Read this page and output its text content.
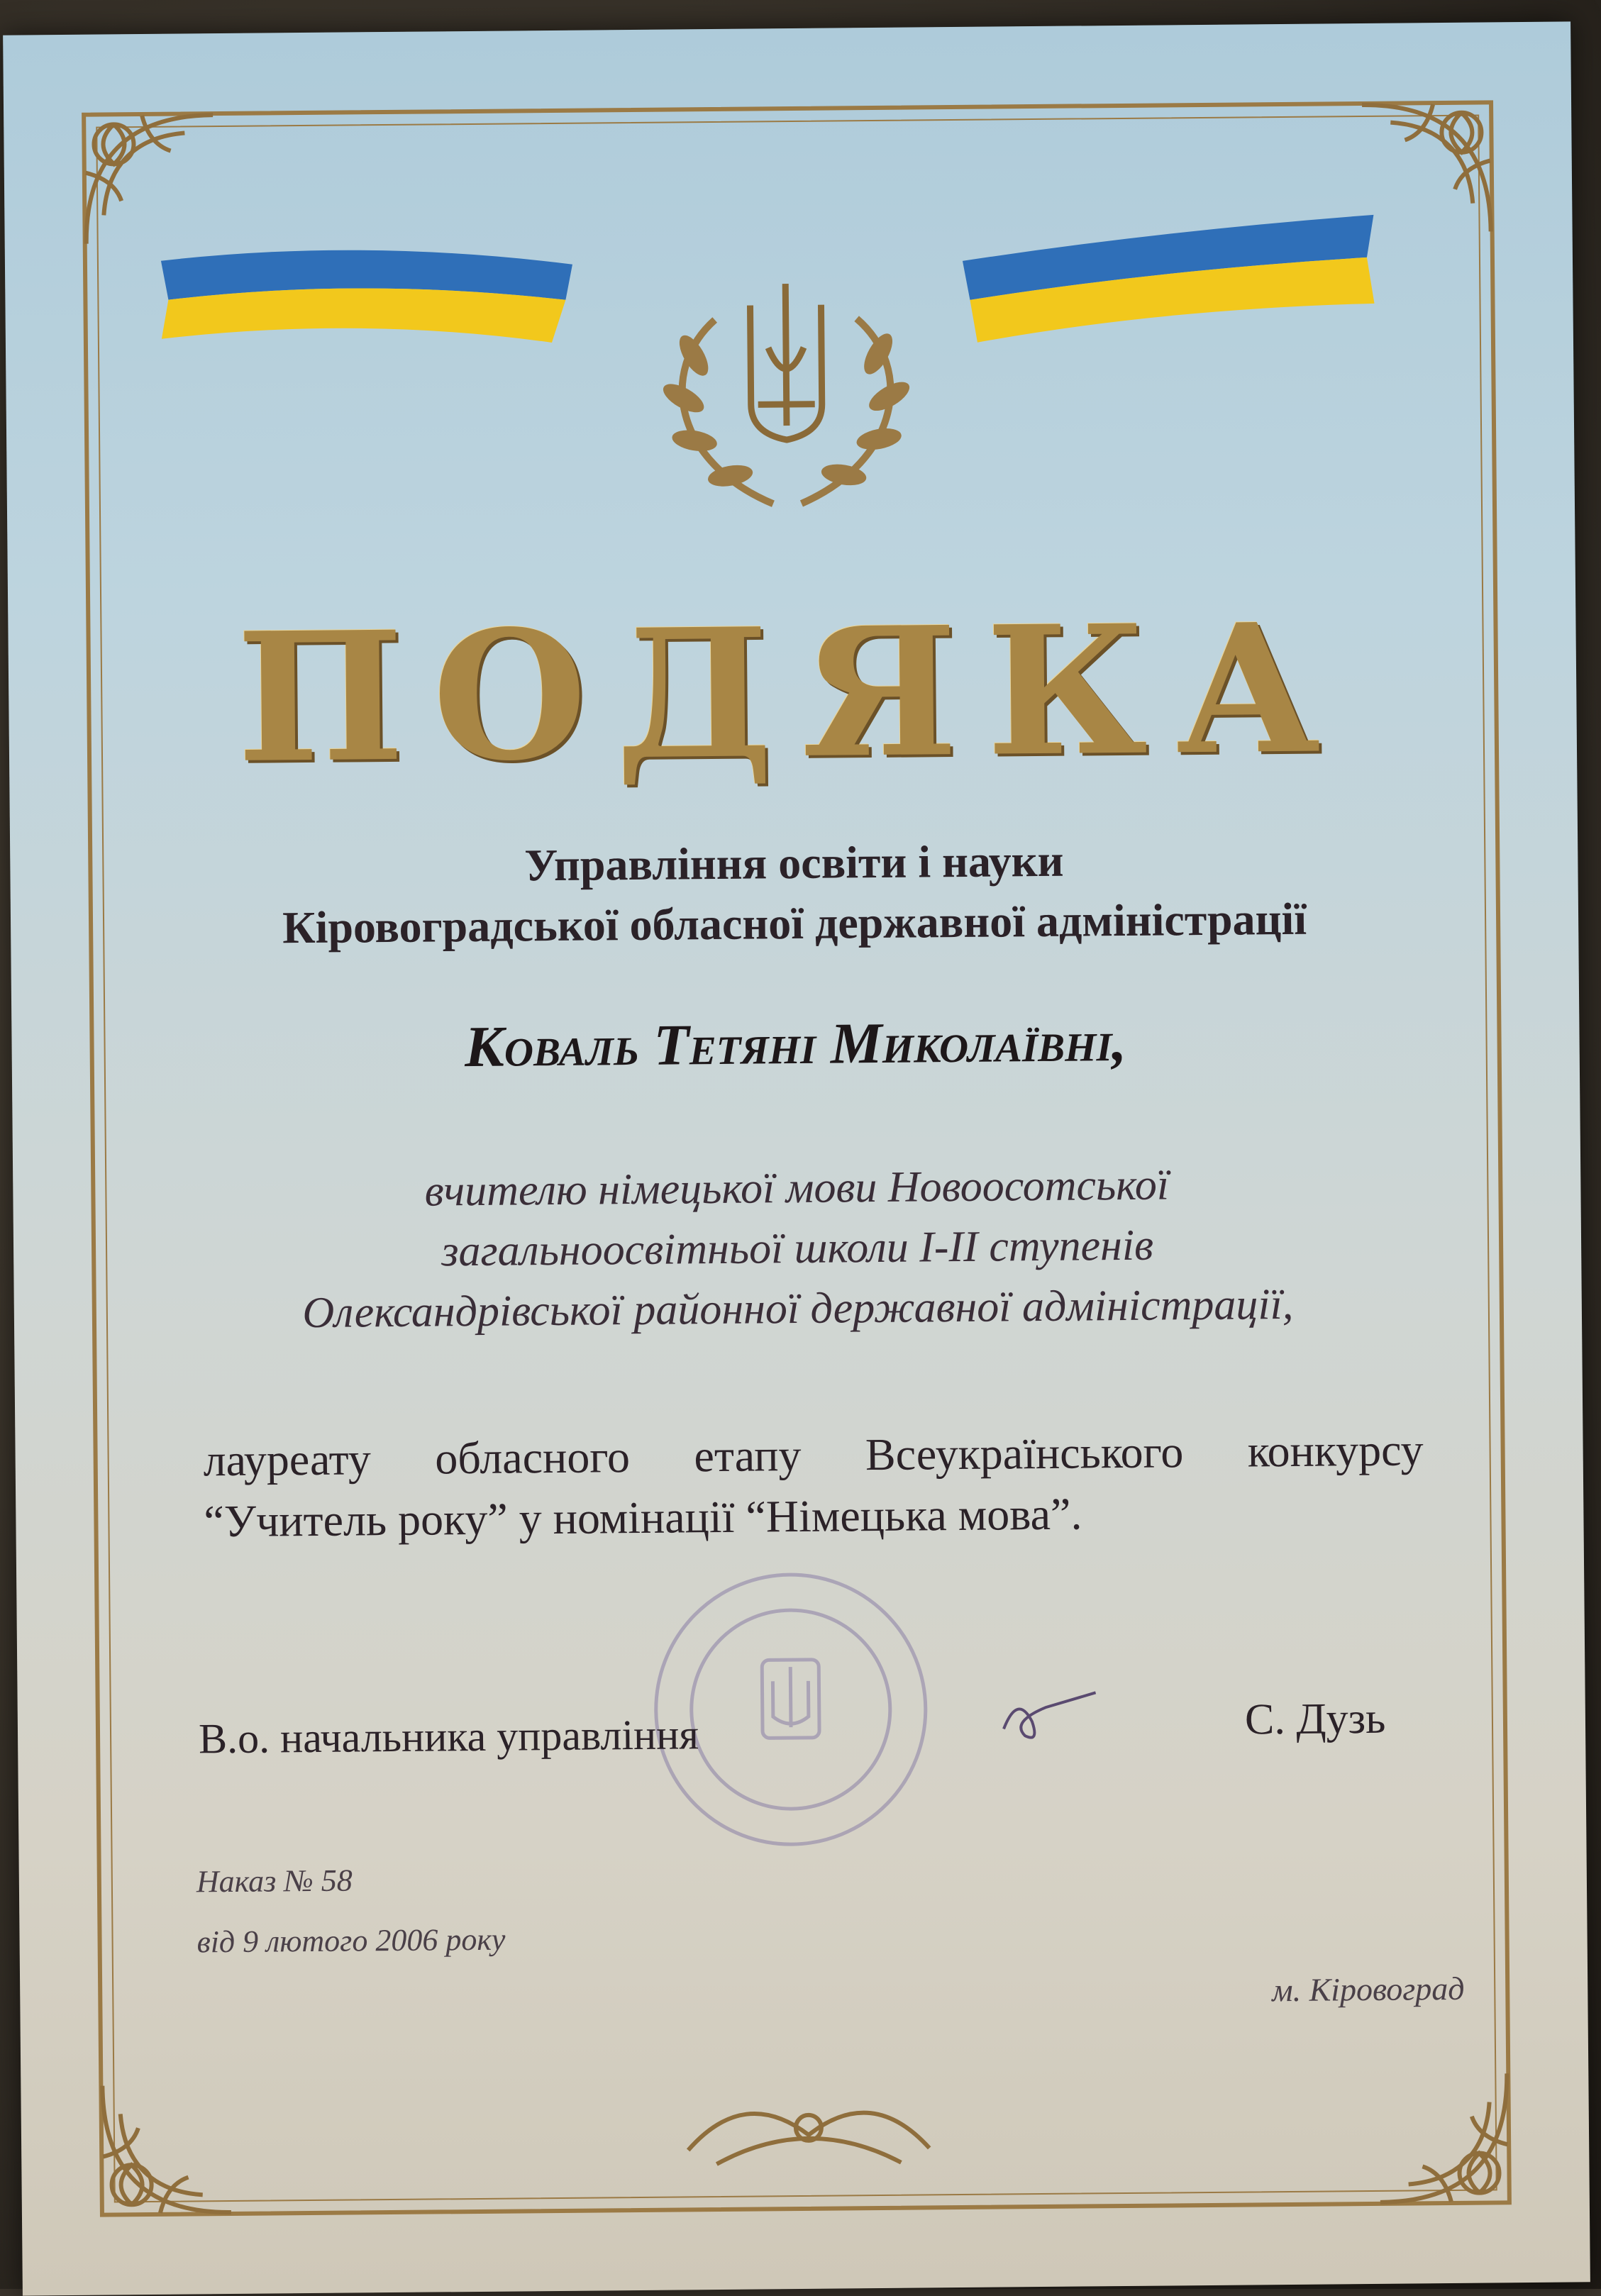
ПОДЯКА
Управління освіти і науки
Кіровоградської обласної державної адміністрації
Коваль Тетяні Миколаївні,
вчителю німецької мови Новоосотської
загальноосвітньої школи І-ІІ ступенів
Олександрівської районної державної адміністрації,
лауреату обласного етапу Всеукраїнського конкурсу
“Учитель року” у номінації “Німецька мова”.
В.о. начальника управління	С. Дузь
Наказ № 58
від 9 лютого 2006 року
м. Кіровоград
